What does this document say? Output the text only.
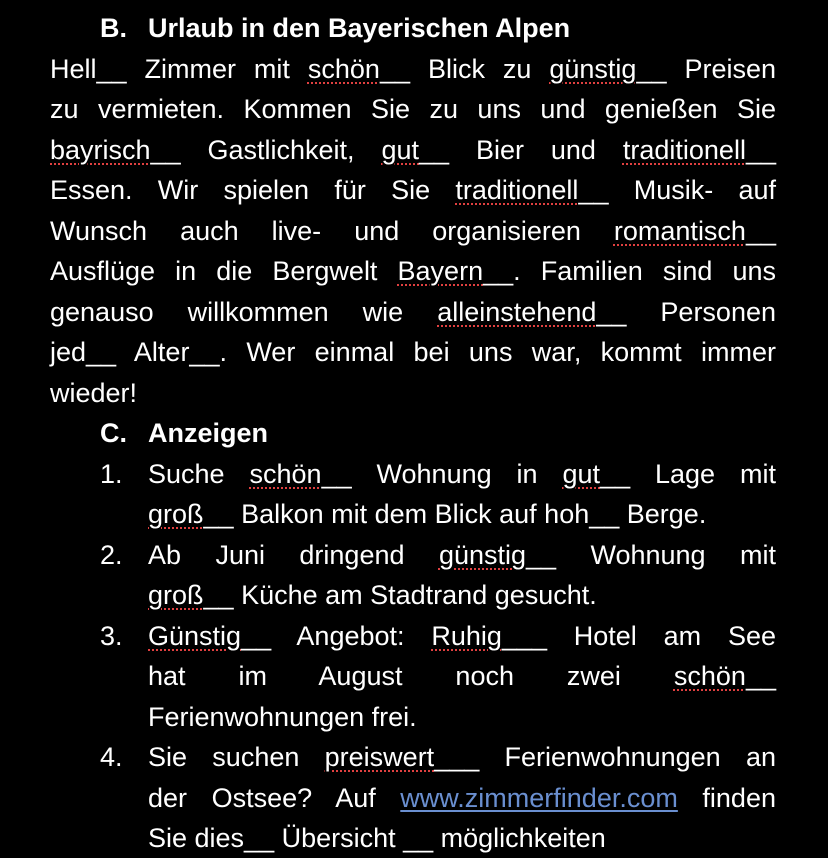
B. Urlaub in den Bayerischen Alpen
Hell__ Zimmer mit schön__ Blick zu günstig__ Preisen
zu vermieten. Kommen Sie zu uns und genießen Sie
bayrisch__ Gastlichkeit, gut__ Bier und traditionell__
Essen. Wir spielen für Sie traditionell__ Musik- auf
Wunsch auch live- und organisieren romantisch__
Ausflüge in die Bergwelt Bayern__. Familien sind uns
genauso willkommen wie alleinstehend__ Personen
jed__ Alter__. Wer einmal bei uns war, kommt immer
wieder!
C. Anzeigen
1. Suche schön__ Wohnung in gut__ Lage mit
groß__ Balkon mit dem Blick auf hoh__ Berge.
2. Ab Juni dringend günstig__ Wohnung mit
groß__ Küche am Stadtrand gesucht.
3. Günstig__ Angebot: Ruhig___ Hotel am See
hat im August noch zwei schön__
Ferienwohnungen frei.
4. Sie suchen preiswert___ Ferienwohnungen an
der Ostsee? Auf www.zimmerfinder.com finden
Sie dies__ Übersicht __ möglichkeiten
